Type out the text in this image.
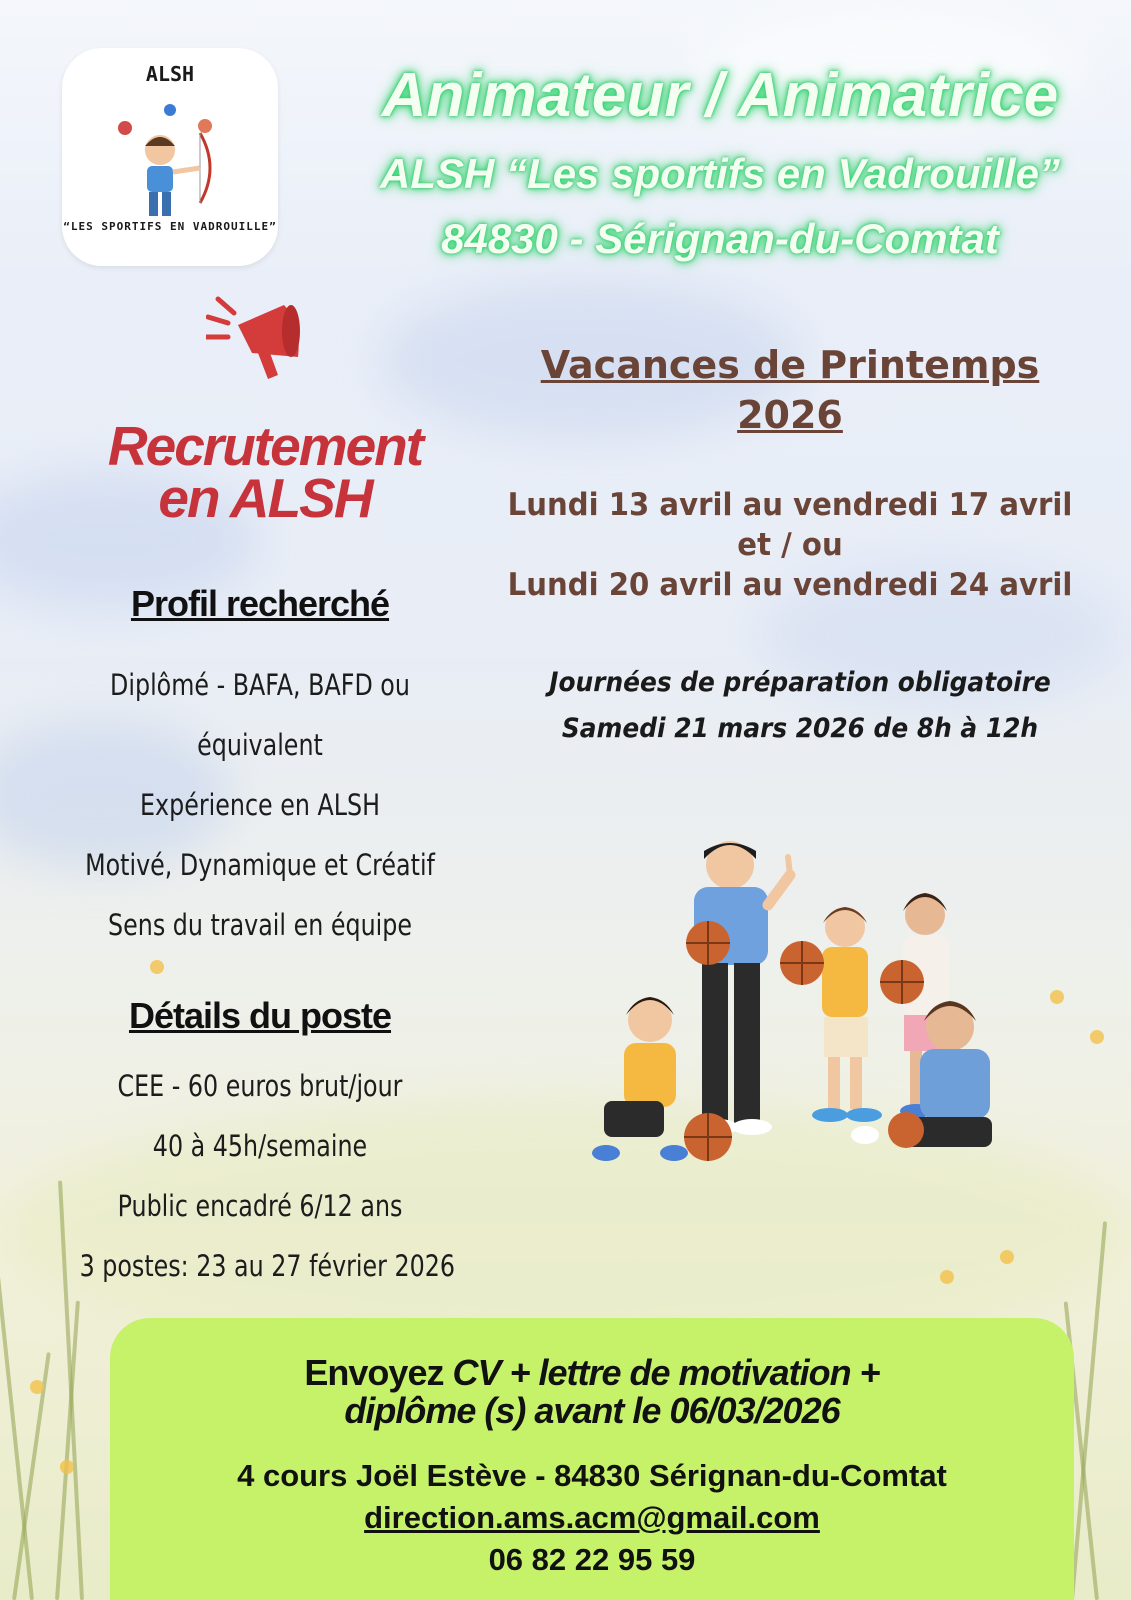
ALSH
“LES SPORTIFS EN VADROUILLE”
Animateur / Animatrice
ALSH “Les sportifs en Vadrouille”
84830 - Sérignan-du-Comtat
Recrutement
en ALSH
Profil recherché
Diplômé - BAFA, BAFD ou
équivalent
Expérience en ALSH
Motivé, Dynamique et Créatif
Sens du travail en équipe
Détails du poste
CEE - 60 euros brut/jour
40 à 45h/semaine
Public encadré 6/12 ans
3 postes: 23 au 27 février 2026
Vacances de Printemps
2026
Lundi 13 avril au vendredi 17 avril
et / ou
Lundi 20 avril au vendredi 24 avril
Journées de préparation obligatoire
Samedi 21 mars 2026 de 8h à 12h
Envoyez CV + lettre de motivation +
diplôme (s) avant le 06/03/2026
4 cours Joël Estève - 84830 Sérignan-du-Comtat
direction.ams.acm@gmail.com
06 82 22 95 59
